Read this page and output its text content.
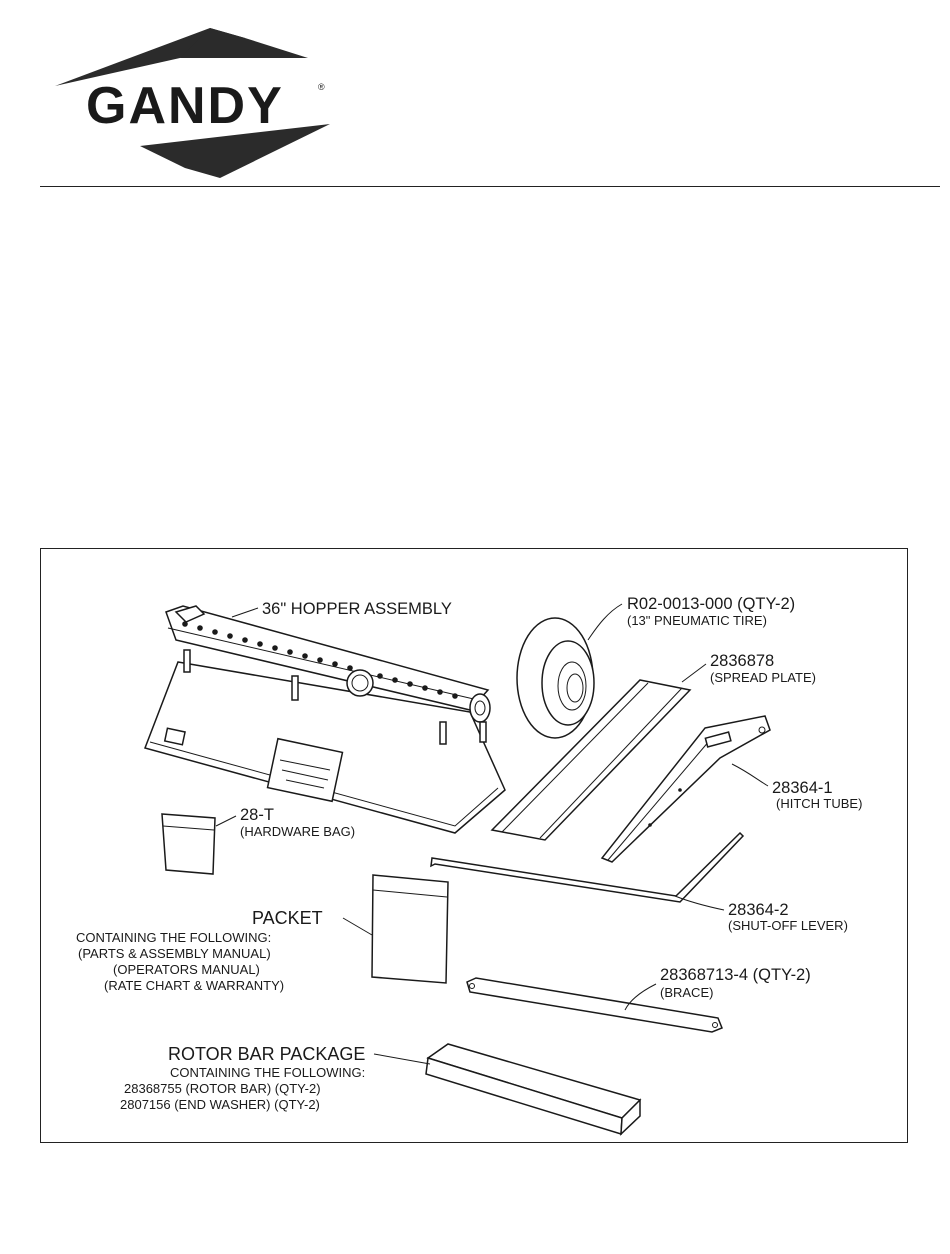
GANDY	®
36" HOPPER ASSEMBLY	R02-0013-000 (QTY-2)
(13" PNEUMATIC TIRE)
2836878
(SPREAD PLATE)
28364-1
(HITCH TUBE)
28-T
(HARDWARE BAG)
28364-2
(SHUT-OFF LEVER)
PACKET
CONTAINING THE FOLLOWING:
(PARTS & ASSEMBLY MANUAL)
(OPERATORS MANUAL)
(RATE CHART & WARRANTY)
28368713-4 (QTY-2)
(BRACE)
ROTOR BAR PACKAGE
CONTAINING THE FOLLOWING:
28368755 (ROTOR BAR) (QTY-2)
2807156 (END WASHER) (QTY-2)
